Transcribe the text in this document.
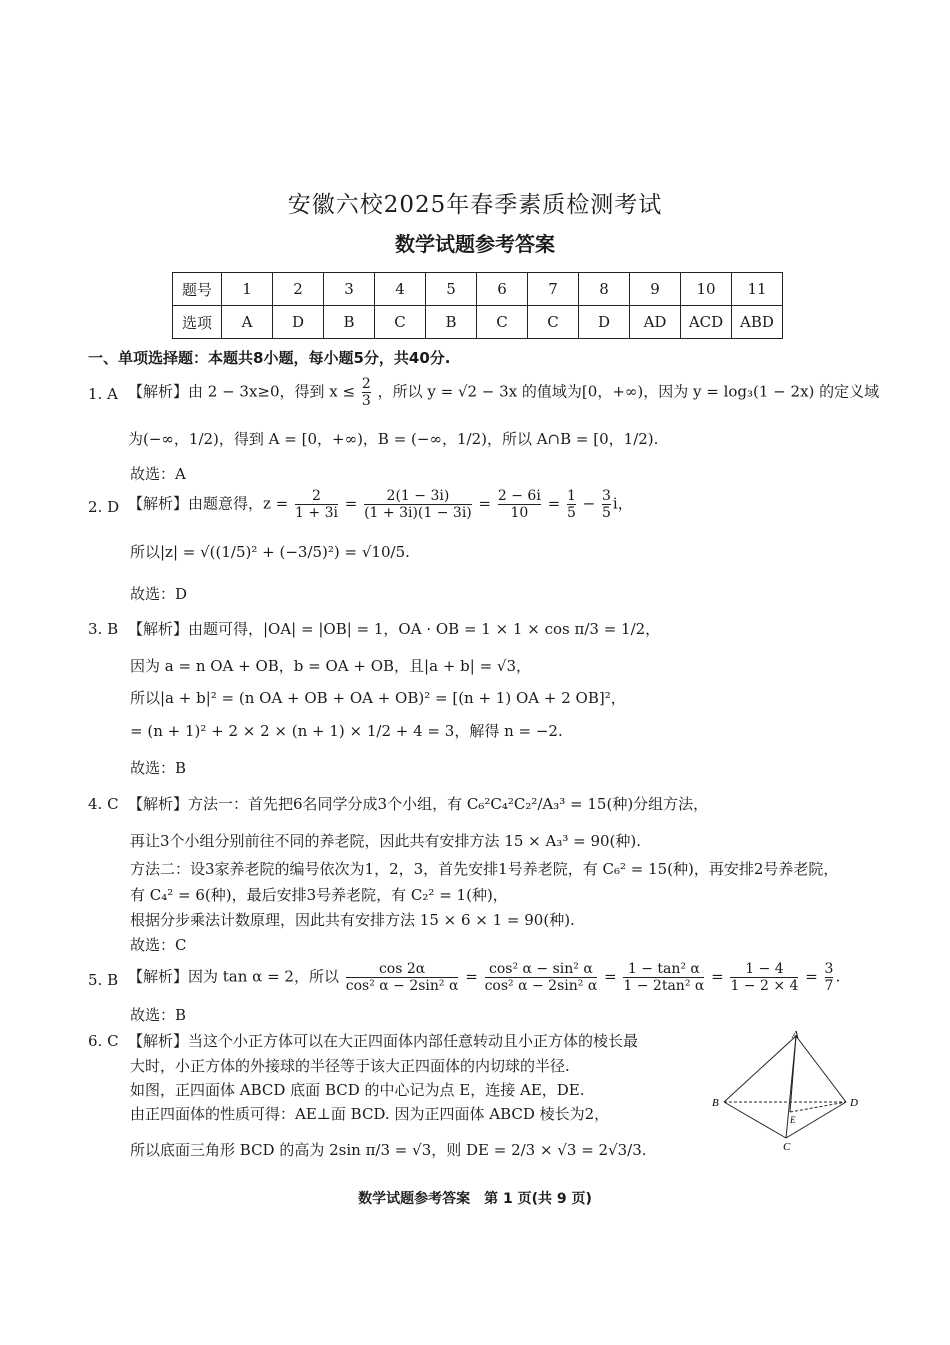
安徽六校2025年春季素质检测考试
数学试题参考答案
题号	1	2	3	4	5	6	7	8	9	10	11
选项	A	D	B	C	B	C	C	D	AD	ACD	ABD
一、单项选择题：本题共8小题，每小题5分，共40分.
1. A 【解析】由 2 − 3x≥0，得到 $x \le \frac{2}{3}$ ，所以 y = √2 − 3x 的值域为[0，+∞)，因为 y = log₃(1 − 2x) 的定义域
为(−∞，1/2)，得到 A = [0，+∞)，B = (−∞，1/2)，所以 A∩B = [0，1/2).
故选：A
2. D 【解析】由题意得，$z = \frac{2}{1 + 3i} = \frac{2(1 - 3i)}{(1 + 3i)(1 - 3i)} = \frac{2 - 6i}{10} = \frac{1}{5} - \frac{3}{5}$ i，
所以|z| = √((1/5)² + (−3/5)²) = √10/5.
故选：D
3. B 【解析】由题可得，|OA| = |OB| = 1，OA · OB = 1 × 1 × cos π/3 = 1/2，
因为 a = n OA + OB，b = OA + OB，且|a + b| = √3，
所以|a + b|² = (n OA + OB + OA + OB)² = [(n + 1) OA + 2 OB]²，
= (n + 1)² + 2 × 2 × (n + 1) × 1/2 + 4 = 3，解得 n = −2.
故选：B
4. C 【解析】方法一：首先把6名同学分成3个小组，有 C₆²C₄²C₂²/A₃³ = 15(种)分组方法，
再让3个小组分别前往不同的养老院，因此共有安排方法 15 × A₃³ = 90(种).
方法二：设3家养老院的编号依次为1，2，3，首先安排1号养老院，有 C₆² = 15(种)，再安排2号养老院，
有 C₄² = 6(种)，最后安排3号养老院，有 C₂² = 1(种)，
根据分步乘法计数原理，因此共有安排方法 15 × 6 × 1 = 90(种).
故选：C
5. B 【解析】因为 tan α = 2，所以 $\frac{\cos 2\alpha}{\text{cos² α − 2sin² α}} = \frac{\text{cos² α − sin² α}}{\text{cos² α − 2sin² α}} = \frac{\text{1 − tan² α}}{\text{1 − 2tan² α}} = \frac{1 - 4}{1 - 2 \times 4} = \frac{3}{7}$ .
故选：B
6. C 【解析】当这个小正方体可以在大正四面体内部任意转动且小正方体的棱长最
大时，小正方体的外接球的半径等于该大正四面体的内切球的半径.
如图，正四面体 ABCD 底面 BCD 的中心记为点 E，连接 AE，DE.
由正四面体的性质可得：AE⊥面 BCD. 因为正四面体 ABCD 棱长为2，
所以底面三角形 BCD 的高为 2sin π/3 = √3，则 DE = 2/3 × √3 = 2√3/3.
A
B
C
D
E
数学试题参考答案　第 1 页(共 9 页)
